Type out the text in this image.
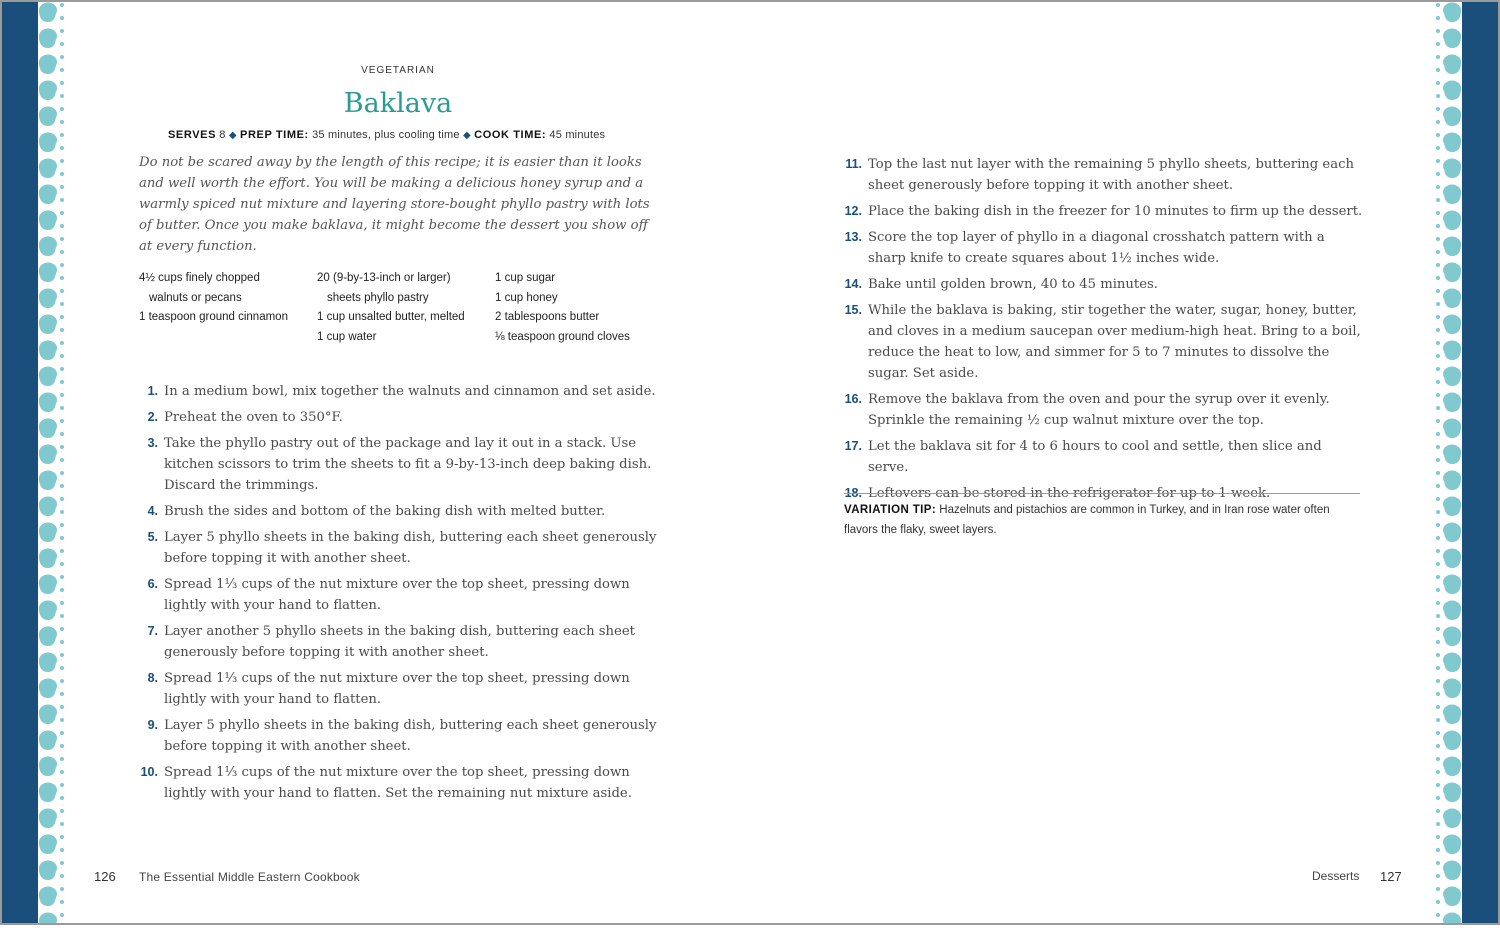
VEGETARIAN
Baklava
SERVES 8 ◆ PREP TIME: 35 minutes, plus cooling time ◆ COOK TIME: 45 minutes
Do not be scared away by the length of this recipe; it is easier than it looks and well worth the effort. You will be making a delicious honey syrup and a warmly spiced nut mixture and layering store-bought phyllo pastry with lots of butter. Once you make baklava, it might become the dessert you show off at every function.
4½ cups finely chopped walnuts or pecans
1 teaspoon ground cinnamon
20 (9-by-13-inch or larger) sheets phyllo pastry
1 cup unsalted butter, melted
1 cup water
1 cup sugar
1 cup honey
2 tablespoons butter
⅛ teaspoon ground cloves
1. In a medium bowl, mix together the walnuts and cinnamon and set aside.
2. Preheat the oven to 350°F.
3. Take the phyllo pastry out of the package and lay it out in a stack. Use kitchen scissors to trim the sheets to fit a 9-by-13-inch deep baking dish. Discard the trimmings.
4. Brush the sides and bottom of the baking dish with melted butter.
5. Layer 5 phyllo sheets in the baking dish, buttering each sheet generously before topping it with another sheet.
6. Spread 1⅓ cups of the nut mixture over the top sheet, pressing down lightly with your hand to flatten.
7. Layer another 5 phyllo sheets in the baking dish, buttering each sheet generously before topping it with another sheet.
8. Spread 1⅓ cups of the nut mixture over the top sheet, pressing down lightly with your hand to flatten.
9. Layer 5 phyllo sheets in the baking dish, buttering each sheet generously before topping it with another sheet.
10. Spread 1⅓ cups of the nut mixture over the top sheet, pressing down lightly with your hand to flatten. Set the remaining nut mixture aside.
126 The Essential Middle Eastern Cookbook
11. Top the last nut layer with the remaining 5 phyllo sheets, buttering each sheet generously before topping it with another sheet.
12. Place the baking dish in the freezer for 10 minutes to firm up the dessert.
13. Score the top layer of phyllo in a diagonal crosshatch pattern with a sharp knife to create squares about 1½ inches wide.
14. Bake until golden brown, 40 to 45 minutes.
15. While the baklava is baking, stir together the water, sugar, honey, butter, and cloves in a medium saucepan over medium-high heat. Bring to a boil, reduce the heat to low, and simmer for 5 to 7 minutes to dissolve the sugar. Set aside.
16. Remove the baklava from the oven and pour the syrup over it evenly. Sprinkle the remaining ½ cup walnut mixture over the top.
17. Let the baklava sit for 4 to 6 hours to cool and settle, then slice and serve.
18. Leftovers can be stored in the refrigerator for up to 1 week.
VARIATION TIP: Hazelnuts and pistachios are common in Turkey, and in Iran rose water often flavors the flaky, sweet layers.
Desserts 127
